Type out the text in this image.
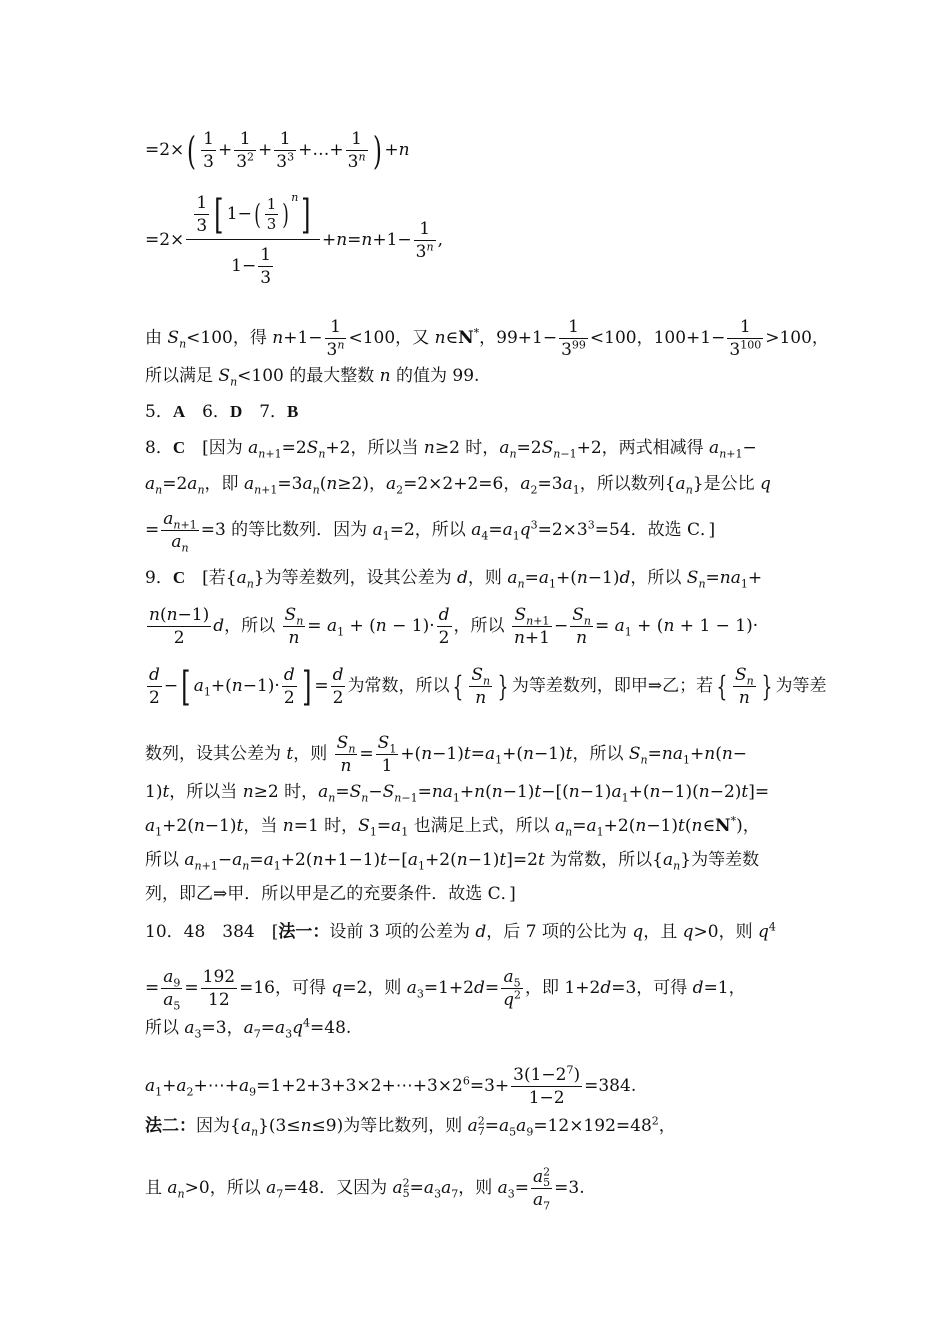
$=2\times( \frac{1}{3} + \frac{1}{3^2} + \frac{1}{3^3}$ +…+ $\frac{1}{3^n}$ ) +n
$=2\times \frac{\frac{1}{3} [ 1-( \frac{1}{3} ) ^n]}{1- \frac{1}{3}} +n=n+1- \frac{1}{3^n}$ ,
由 $S_n<100$，得 $n+1- \frac{1}{3^n} <100$，又 n∈N*，$99+1- \frac{1}{3^{99}} <100$，$100+1- \frac{1}{3^{100}} >100$，
所以满足 $S_n<100$ 的最大整数 n 的值为 99.
5．A　 6．D　 7．B
8．C　[因为 $a_{n+1}=2S_n+2$，所以当 n≥2 时，$a_n=2S_{n-1}+2$，两式相减得 $a_{n+1}-$
$a_n=2a_n$，即 $a_{n+1}=3a_n(n\ge 2)$，$a_2=2\times 2+2=6$，$a_2=3a_1$，所以数列$\{a_n\}$是公比 q
= $\frac{a_{n+1}}{a_n} =3$ 的等比数列．因为 $a_1=2$，所以 $a_4=a_1q^3=2\times 3^3=54$．故选 C．]
9．C　[若$\{a_n\}$为等差数列，设其公差为 d，则 $a_n=a_1+(n-1)d$，所以 $S_n=na_1+$
$\frac{n(n-1)}{2}$ d，所以 $\frac{S_n}{n} = a_1 + (n - 1)\cdot \frac{d}{2}$ ，所以 $\frac{S_{n+1}}{n+1} - \frac{S_n}{n} = a_1 + (n + 1 - 1)\cdot$
$\frac{d}{2}$ −[ $a_1+(n-1)\cdot \frac{d}{2}$ ] = $\frac{d}{2}$ 为常数，所以 { $\frac{S_n}{n}$ } 为等差数列，即甲⇒乙；若 { $\frac{S_n}{n}$ } 为等差
数列，设其公差为 t，则 $\frac{S_n}{n} = \frac{S_1}{1} +(n-1)t=a_1+(n-1)t$，所以 $S_n=na_1+n(n-$
1)t，所以当 n≥2 时，$a_n=S_n-S_{n-1}=na_1+n(n-1)t-[(n-1)a_1+(n-1)(n-2)t]=$
$a_1+2(n-1)t$，当 n=1 时，$S_1=a_1$ 也满足上式，所以 $a_n=a_1+2(n-1)t(n\in N^*)$，
所以 $a_{n+1}-a_n=a_1+2(n+1-1)t-[a_1+2(n-1)t]=2t$ 为常数，所以$\{a_n\}$为等差数
列，即乙⇒甲．所以甲是乙的充要条件．故选 C．]
10．48　 384　[法一：设前 3 项的公差为 d，后 7 项的公比为 q，且 q>0，则 $q^4$
= $\frac{a_9}{a_5} = \frac{192}{12} =16$，可得 q=2，则 $a_3=1+2d= \frac{a_5}{q^2}$ ，即 1+2d=3，可得 d=1，
所以 $a_3=3$，$a_7=a_3q^4=48$.
$a_1+a_2+\cdots+a_9=1+2+3+3\times 2+\cdots+3\times 2^6=3+ \frac{3(1-2^7)}{1-2} =384$.
法二：因为$\{a_n\}(3\le n\le 9)$为等比数列，则 $a^2_7=a_5a_9=12\times 192=48^2$，
且 $a_n>0$，所以 $a_7=48$．又因为 $a^2_5=a_3a_7$，则 $a_3= \frac{a^2_5}{a_7} =3$.
